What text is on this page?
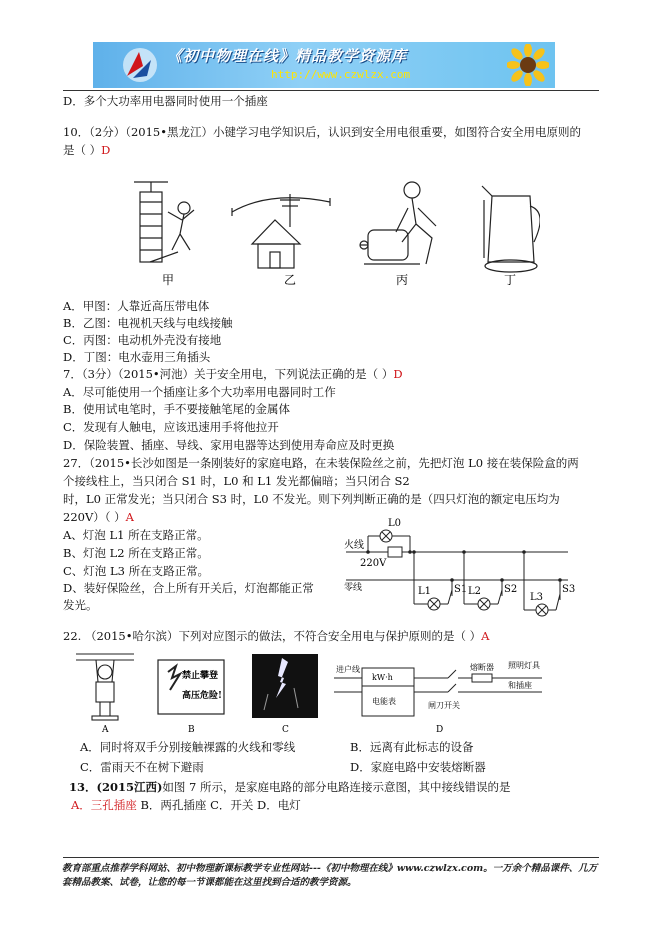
《初中物理在线》精品教学资源库
http://www.czwlzx.com
D．多个大功率用电器同时使用一个插座
10．（2分）（2015•黑龙江）小键学习电学知识后，认识到安全用电很重要，如图符合安全用电原则的
是（ ）D
甲	乙	丙	丁
A．甲图：人靠近高压带电体
B．乙图：电视机天线与电线接触
C．丙图：电动机外壳没有接地
D．丁图：电水壶用三角插头
7．（3分）（2015•河池）关于安全用电，下列说法正确的是（ ）D
A．尽可能使用一个插座让多个大功率用电器同时工作
B．使用试电笔时，手不要接触笔尾的金属体
C．发现有人触电，应该迅速用手将他拉开
D．保险装置、插座、导线、家用电器等达到使用寿命应及时更换
27．（2015•长沙如图是一条刚装好的家庭电路，在未装保险丝之前，先把灯泡 L0 接在装保险盒的两
个接线柱上，当只闭合 S1 时，L0 和 L1 发光都偏暗；当只闭合 S2
时，L0 正常发光；当只闭合 S3 时，L0 不发光。则下列判断正确的是（四只灯泡的额定电压均为
220V）（ ）A
A、灯泡 L1 所在支路正常。
B、灯泡 L2 所在支路正常。
C、灯泡 L3 所在支路正常。
D、装好保险丝，合上所有开关后，灯泡都能正常
发光。
L0
火线
220V
零线	L1 S1 L2 S2
L3
S3
22. （2015•哈尔滨）下列对应图示的做法，不符合安全用电与保护原则的是（ ）A
A
禁止攀登
高压危险!
B	C
进户线
kW·h
电能表	闸刀开关
熔断器 照明灯具
和插座
D
A．同时将双手分别接触裸露的火线和零线	B．远离有此标志的设备
C．雷雨天不在树下避雨	D．家庭电路中安装熔断器
13．(2015江西)如图 7 所示，是家庭电路的部分电路连接示意图，其中接线错误的是
A．三孔插座 B．两孔插座 C．开关 D．电灯
教育部重点推荐学科网站、初中物理新课标教学专业性网站---《初中物理在线》www.czwlzx.com。一万余个精品课件、几万套精品教案、试卷，让您的每一节课都能在这里找到合适的教学资源。
